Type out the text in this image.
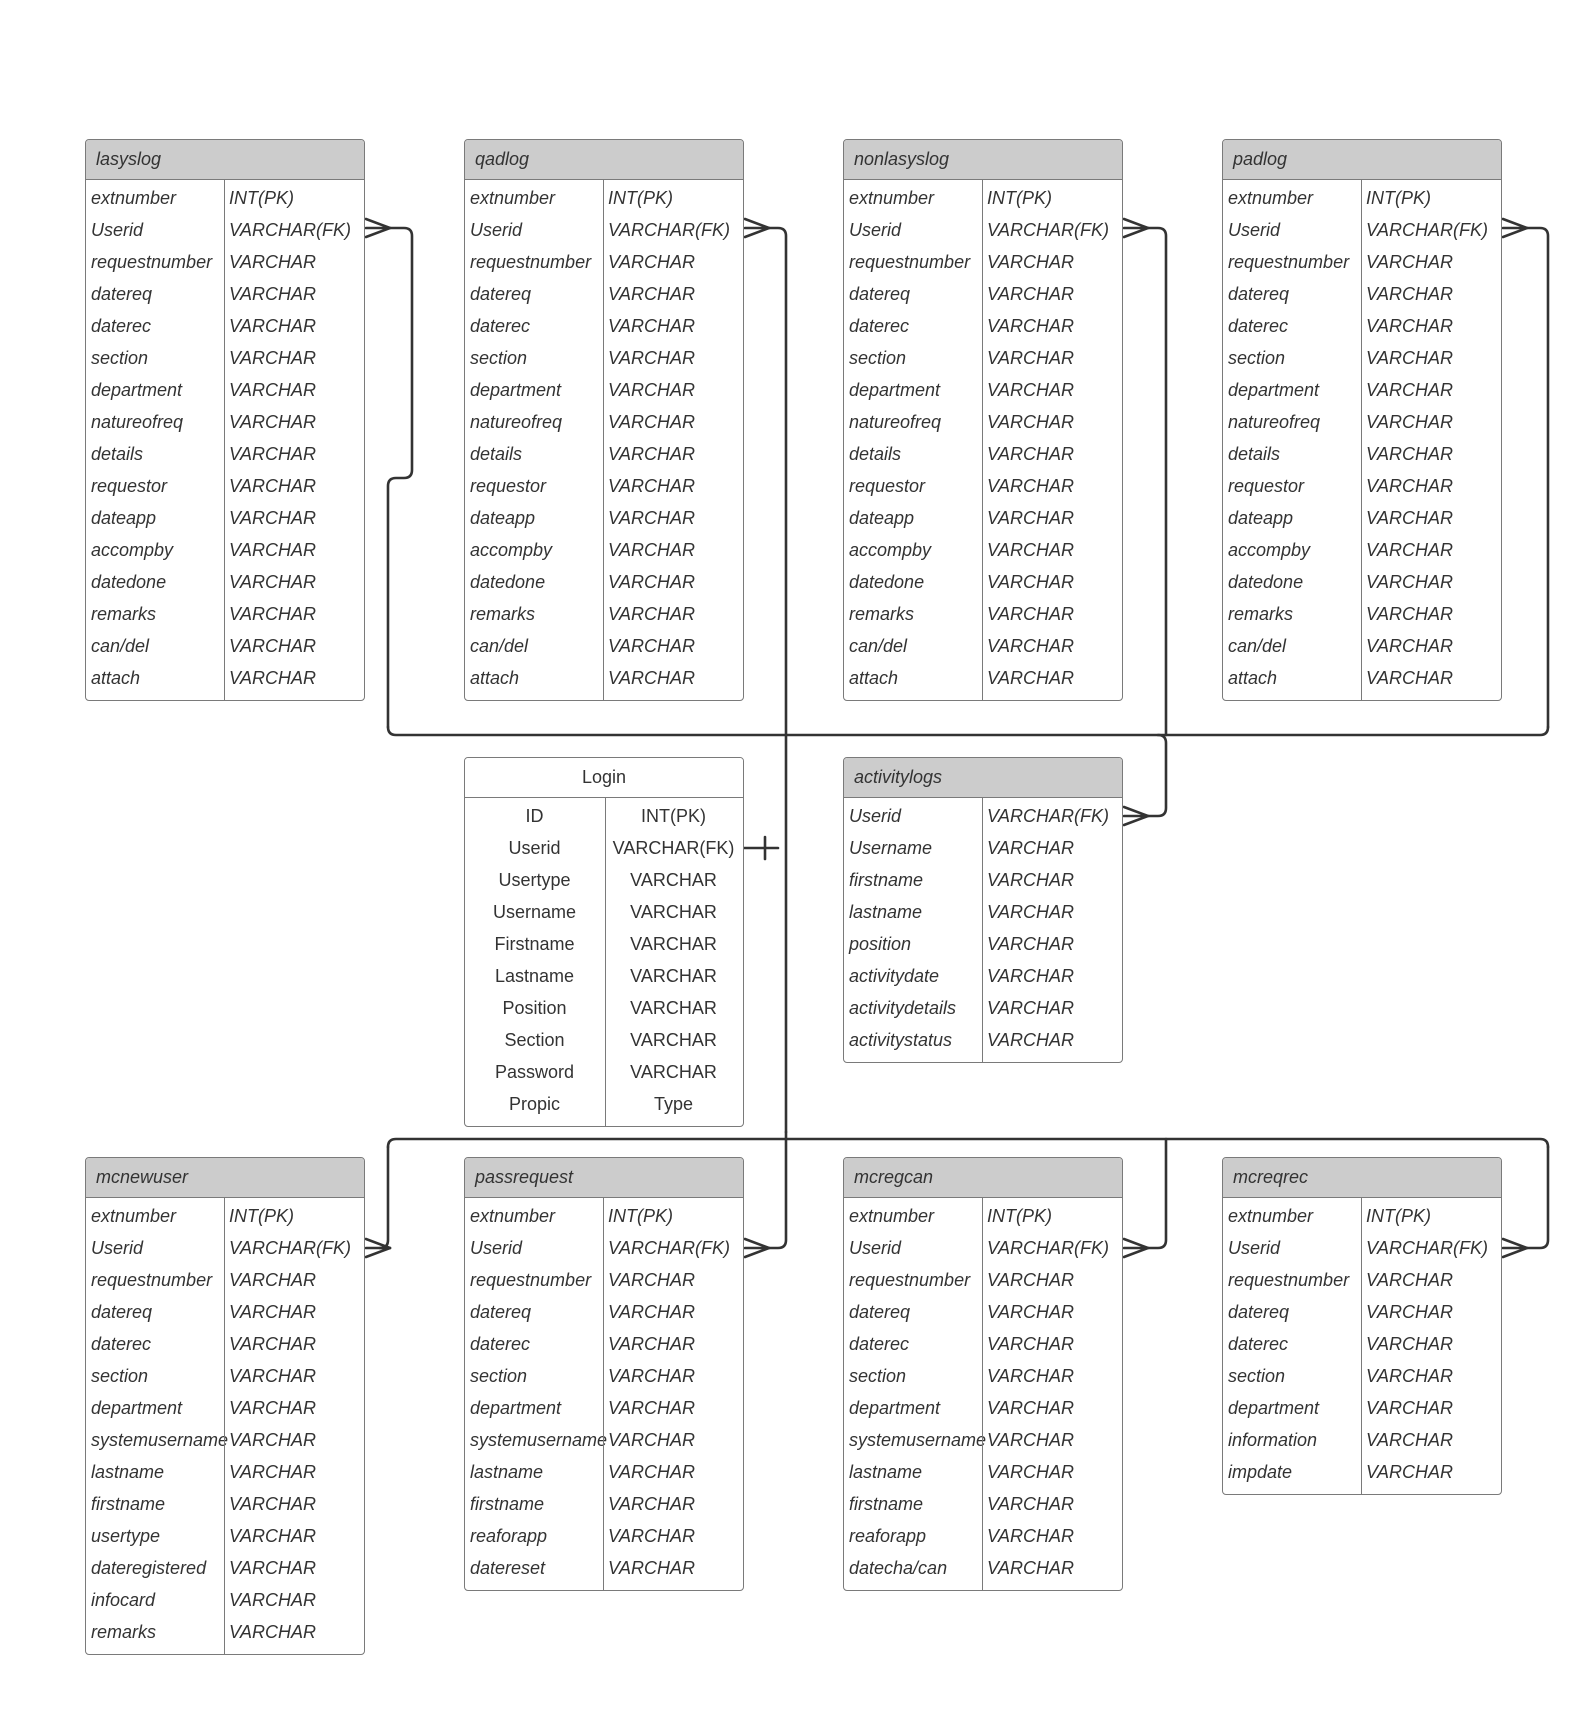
lasyslog
extnumber	INT(PK)
Userid	VARCHAR(FK)
requestnumber VARCHAR
datereq	VARCHAR
daterec	VARCHAR
section	VARCHAR
department	VARCHAR
natureofreq	VARCHAR
details	VARCHAR
requestor	VARCHAR
dateapp	VARCHAR
accompby	VARCHAR
datedone	VARCHAR
remarks	VARCHAR
can/del	VARCHAR
attach	VARCHAR
qadlog
extnumber	INT(PK)
Userid	VARCHAR(FK)
requestnumber VARCHAR
datereq	VARCHAR
daterec	VARCHAR
section	VARCHAR
department	VARCHAR
natureofreq	VARCHAR
details	VARCHAR
requestor	VARCHAR
dateapp	VARCHAR
accompby	VARCHAR
datedone	VARCHAR
remarks	VARCHAR
can/del	VARCHAR
attach	VARCHAR
nonlasyslog
extnumber	INT(PK)
Userid	VARCHAR(FK)
requestnumber VARCHAR
datereq	VARCHAR
daterec	VARCHAR
section	VARCHAR
department	VARCHAR
natureofreq	VARCHAR
details	VARCHAR
requestor	VARCHAR
dateapp	VARCHAR
accompby	VARCHAR
datedone	VARCHAR
remarks	VARCHAR
can/del	VARCHAR
attach	VARCHAR
padlog
extnumber	INT(PK)
Userid	VARCHAR(FK)
requestnumber VARCHAR
datereq	VARCHAR
daterec	VARCHAR
section	VARCHAR
department	VARCHAR
natureofreq	VARCHAR
details	VARCHAR
requestor	VARCHAR
dateapp	VARCHAR
accompby	VARCHAR
datedone	VARCHAR
remarks	VARCHAR
can/del	VARCHAR
attach	VARCHAR
Login
ID	INT(PK)
Userid	VARCHAR(FK)
Usertype	VARCHAR
Username	VARCHAR
Firstname	VARCHAR
Lastname	VARCHAR
Position	VARCHAR
Section	VARCHAR
Password	VARCHAR
Propic	Type
activitylogs
Userid	VARCHAR(FK)
Username	VARCHAR
firstname	VARCHAR
lastname	VARCHAR
position	VARCHAR
activitydate	VARCHAR
activitydetails	VARCHAR
activitystatus	VARCHAR
mcnewuser
extnumber	INT(PK)
Userid	VARCHAR(FK)
requestnumber VARCHAR
datereq	VARCHAR
daterec	VARCHAR
section	VARCHAR
department	VARCHAR
systemusername VARCHAR
lastname	VARCHAR
firstname	VARCHAR
usertype	VARCHAR
dateregistered	VARCHAR
infocard	VARCHAR
remarks	VARCHAR
passrequest
extnumber	INT(PK)
Userid	VARCHAR(FK)
requestnumber VARCHAR
datereq	VARCHAR
daterec	VARCHAR
section	VARCHAR
department	VARCHAR
systemusername VARCHAR
lastname	VARCHAR
firstname	VARCHAR
reaforapp	VARCHAR
datereset	VARCHAR
mcregcan
extnumber	INT(PK)
Userid	VARCHAR(FK)
requestnumber VARCHAR
datereq	VARCHAR
daterec	VARCHAR
section	VARCHAR
department	VARCHAR
systemusername VARCHAR
lastname	VARCHAR
firstname	VARCHAR
reaforapp	VARCHAR
datecha/can	VARCHAR
mcreqrec
extnumber	INT(PK)
Userid	VARCHAR(FK)
requestnumber VARCHAR
datereq	VARCHAR
daterec	VARCHAR
section	VARCHAR
department	VARCHAR
information	VARCHAR
impdate	VARCHAR
